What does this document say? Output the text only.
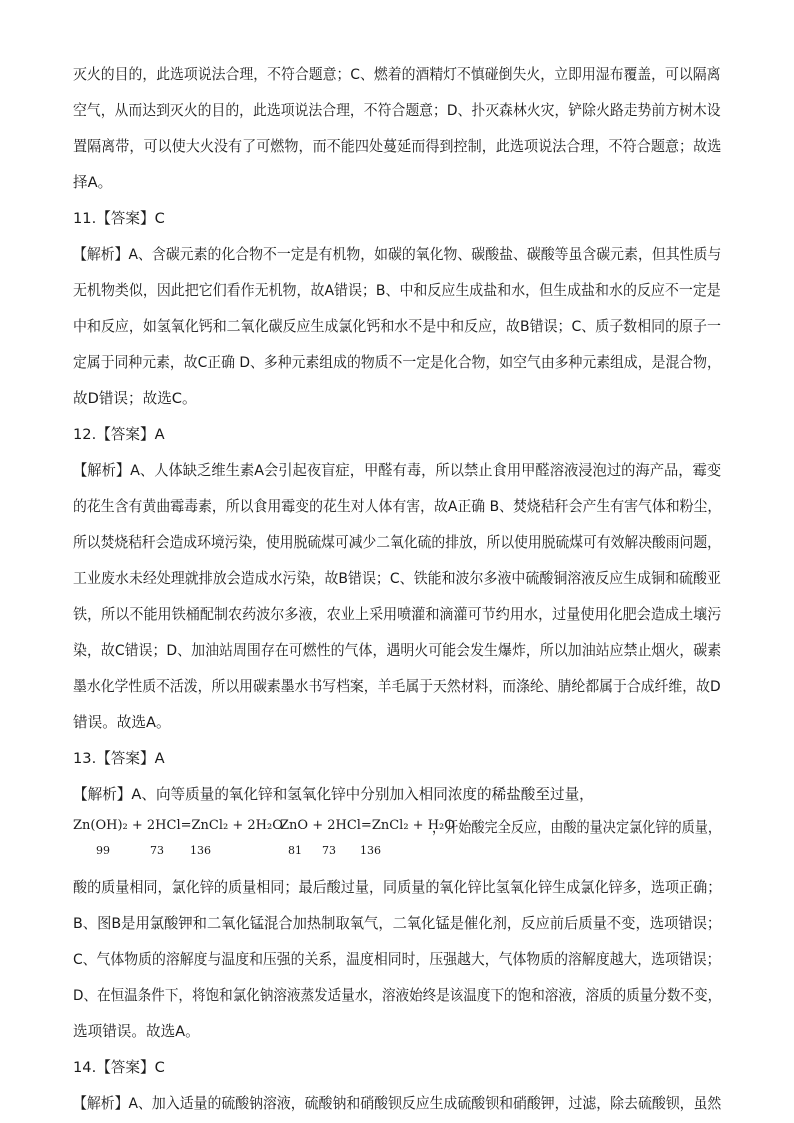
灭火的目的，此选项说法合理，不符合题意；C、燃着的酒精灯不慎碰倒失火，立即用湿布覆盖，可以隔离
空气，从而达到灭火的目的，此选项说法合理，不符合题意；D、扑灭森林火灾，铲除火路走势前方树木设
置隔离带，可以使大火没有了可燃物，而不能四处蔓延而得到控制，此选项说法合理，不符合题意；故选
择A。
11.【答案】C
【解析】A、含碳元素的化合物不一定是有机物，如碳的氧化物、碳酸盐、碳酸等虽含碳元素，但其性质与
无机物类似，因此把它们看作无机物，故A错误；B、中和反应生成盐和水，但生成盐和水的反应不一定是
中和反应，如氢氧化钙和二氧化碳反应生成氯化钙和水不是中和反应，故B错误；C、质子数相同的原子一
定属于同种元素，故C正确 D、多种元素组成的物质不一定是化合物，如空气由多种元素组成，是混合物，
故D错误；故选C。
12.【答案】A
【解析】A、人体缺乏维生素A会引起夜盲症，甲醛有毒，所以禁止食用甲醛溶液浸泡过的海产品，霉变
的花生含有黄曲霉毒素，所以食用霉变的花生对人体有害，故A正确 B、焚烧秸秆会产生有害气体和粉尘，
所以焚烧秸秆会造成环境污染，使用脱硫煤可减少二氧化硫的排放，所以使用脱硫煤可有效解决酸雨问题，
工业废水未经处理就排放会造成水污染，故B错误；C、铁能和波尔多液中硫酸铜溶液反应生成铜和硫酸亚
铁，所以不能用铁桶配制农药波尔多液，农业上采用喷灌和滴灌可节约用水，过量使用化肥会造成土壤污
染，故C错误；D、加油站周围存在可燃性的气体，遇明火可能会发生爆炸，所以加油站应禁止烟火，碳素
墨水化学性质不活泼，所以用碳素墨水书写档案，羊毛属于天然材料，而涤纶、腈纶都属于合成纤维，故D
错误。故选A。
13.【答案】A
【解析】A、向等质量的氧化锌和氢氧化锌中分别加入相同浓度的稀盐酸至过量，
Zn(OH)₂ + 2HCl=ZnCl₂ + 2H₂O
ZnO + 2HCl=ZnCl₂ + H₂O
，开始酸完全反应，由酸的量决定氯化锌的质量，
99	73 136	81 73 136
酸的质量相同，氯化锌的质量相同；最后酸过量，同质量的氧化锌比氢氧化锌生成氯化锌多，选项正确；
B、图B是用氯酸钾和二氧化锰混合加热制取氧气，二氧化锰是催化剂，反应前后质量不变，选项错误；
C、气体物质的溶解度与温度和压强的关系，温度相同时，压强越大，气体物质的溶解度越大，选项错误；
D、在恒温条件下，将饱和氯化钠溶液蒸发适量水，溶液始终是该温度下的饱和溶液，溶质的质量分数不变，
选项错误。故选A。
14.【答案】C
【解析】A、加入适量的硫酸钠溶液，硫酸钠和硝酸钡反应生成硫酸钡和硝酸钾，过滤，除去硫酸钡，虽然
